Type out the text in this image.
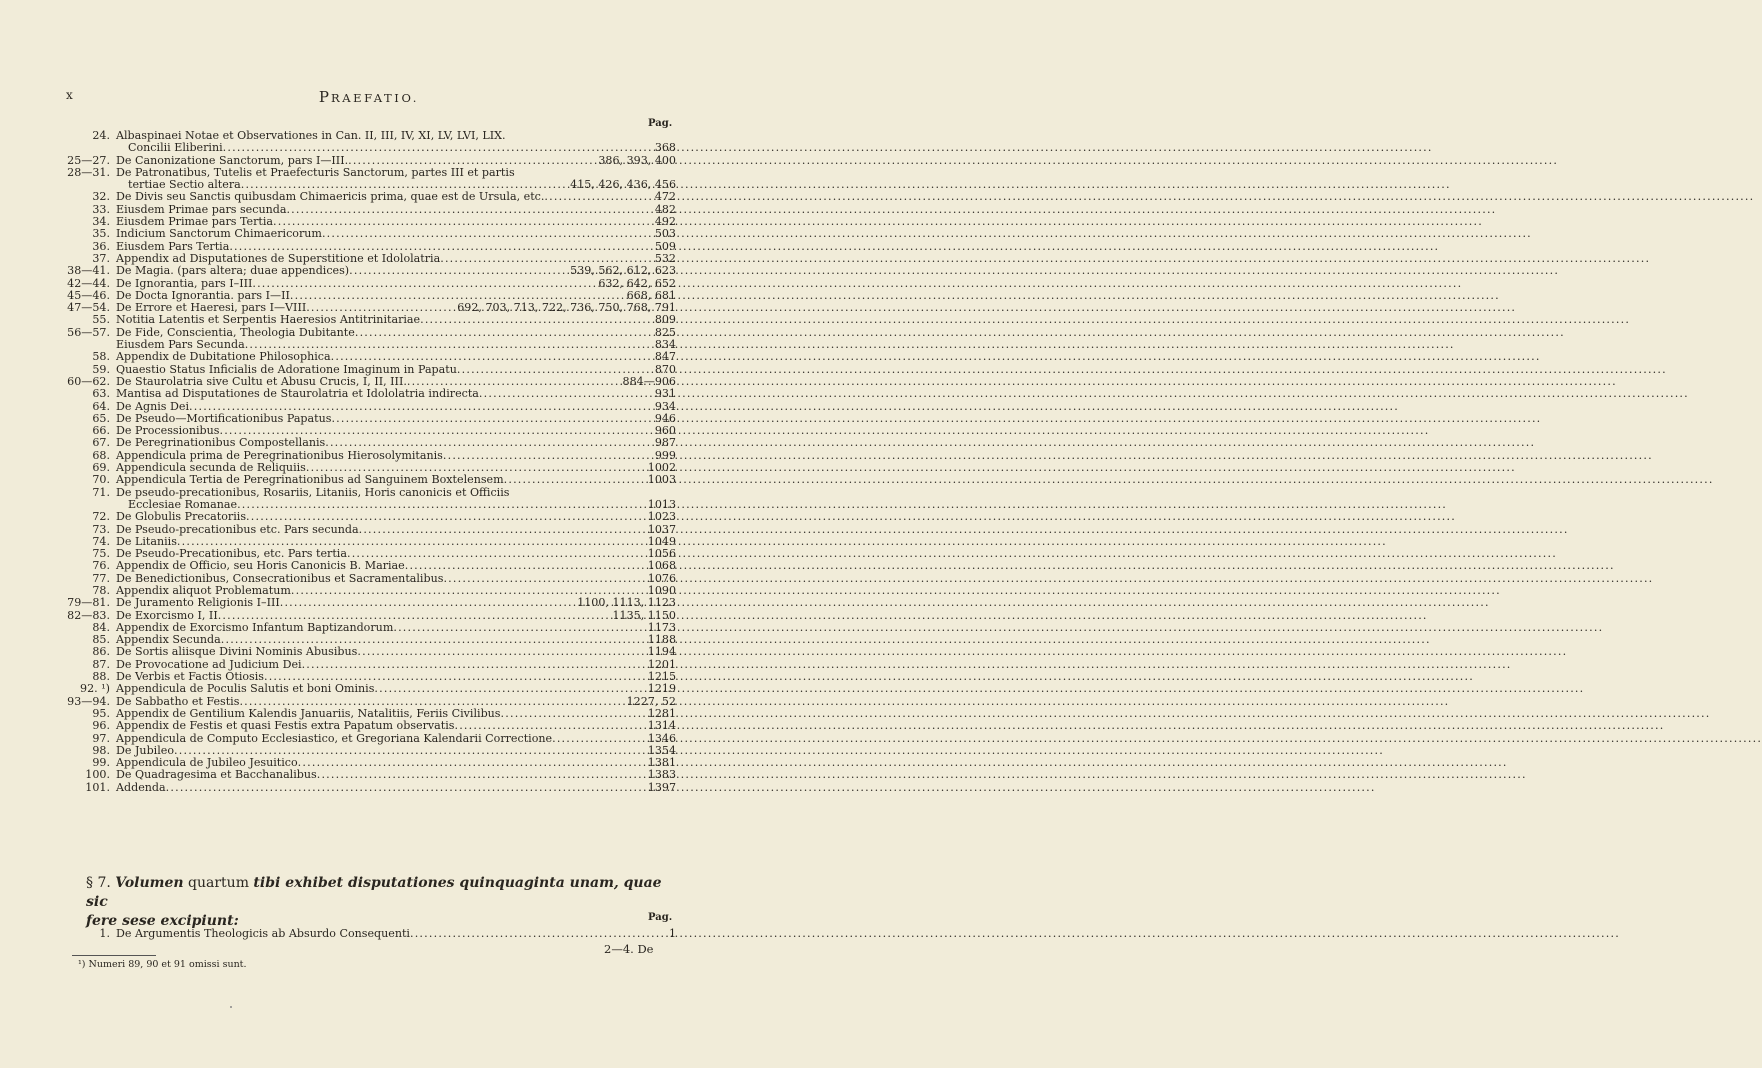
x	PRAEFATIO.
Pag.
24. Albaspinaei Notae et Observationes in Can. II, III, IV, XI, LV, LVI, LIX.
Concilii Eliberini .....	368
25—27. De Canonizatione Sanctorum, pars I—III. .....	386, 393, 400
28—31. De Patronatibus, Tutelis et Praefecturis Sanctorum, partes III et partis
tertiae Sectio altera .....	415, 426, 436, 456
32. De Divis seu Sanctis quibusdam Chimaericis prima, quae est de Ursula, etc. .....	472
33. Eiusdem Primae pars secunda .....	482
34. Eiusdem Primae pars Tertia .....	492
35. Indicium Sanctorum Chimaericorum .....	503
36. Eiusdem Pars Tertia .....	509
37. Appendix ad Disputationes de Superstitione et Idololatria .....	532
38—41. De Magia. (pars altera; duae appendices) .....	539, 562, 612, 623
42—44. De Ignorantia, pars I–III .....	632, 642, 652
45—46. De Docta Ignorantia. pars I—II .....	668, 681
47—54. De Errore et Haeresi, pars I—VIII .....	692, 703, 713, 722, 736, 750, 768, 791
55. Notitia Latentis et Serpentis Haeresios Antitrinitariae .....	809
56—57. De Fide, Conscientia, Theologia Dubitante .....	825
Eiusdem Pars Secunda .....	834
58. Appendix de Dubitatione Philosophica .....	847
59. Quaestio Status Inficialis de Adoratione Imaginum in Papatu .....	870
60—62. De Staurolatria sive Cultu et Abusu Crucis, I, II, III. .....	884—906
63. Mantisa ad Disputationes de Staurolatria et Idololatria indirecta .....	931
64. De Agnis Dei .....	934
65. De Pseudo—Mortificationibus Papatus .....	946
66. De Processionibus .....	960
67. De Peregrinationibus Compostellanis .....	987
68. Appendicula prima de Peregrinationibus Hierosolymitanis .....	999
69. Appendicula secunda de Reliquiis .....	1002
70. Appendicula Tertia de Peregrinationibus ad Sanguinem Boxtelensem .....	1003
71. De pseudo-precationibus, Rosariis, Litaniis, Horis canonicis et Officiis
Ecclesiae Romanae .....	1013
72. De Globulis Precatoriis .....	1023
73. De Pseudo-precationibus etc. Pars secunda .....	1037
74. De Litaniis .....	1049
75. De Pseudo-Precationibus, etc. Pars tertia .....	1056
76. Appendix de Officio, seu Horis Canonicis B. Mariae .....	1068
77. De Benedictionibus, Consecrationibus et Sacramentalibus .....	1076
78. Appendix aliquot Problematum .....	1090
79—81. De Juramento Religionis I–III .....	1100, 1113, 1123
82—83. De Exorcismo I, II .....	1135, 1150
84. Appendix de Exorcismo Infantum Baptizandorum .....	1173
85. Appendix Secunda .....	1188
86. De Sortis aliisque Divini Nominis Abusibus .....	1194
87. De Provocatione ad Judicium Dei .....	1201
88. De Verbis et Factis Otiosis .....	1215
92. ¹) Appendicula de Poculis Salutis et boni Ominis .....	1219
93—94. De Sabbatho et Festis .....	1227, 52
95. Appendix de Gentilium Kalendis Januariis, Natalitiis, Feriis Civilibus .....	1281
96. Appendix de Festis et quasi Festis extra Papatum observatis .....	1314
97. Appendicula de Computo Ecclesiastico, et Gregoriana Kalendarii Correctione .....	1346
98. De Jubileo .....	1354
99. Appendicula de Jubileo Jesuitico .....	1381
100. De Quadragesima et Bacchanalibus .....	1383
101. Addenda .....	1397
§ 7. Volumen quartum tibi exhibet disputationes quinquaginta unam, quae sic
fere sese excipiunt:	Pag.
1. De Argumentis Theologicis ab Absurdo Consequenti .....	1
2—4. De
¹) Numeri 89, 90 et 91 omissi sunt.
